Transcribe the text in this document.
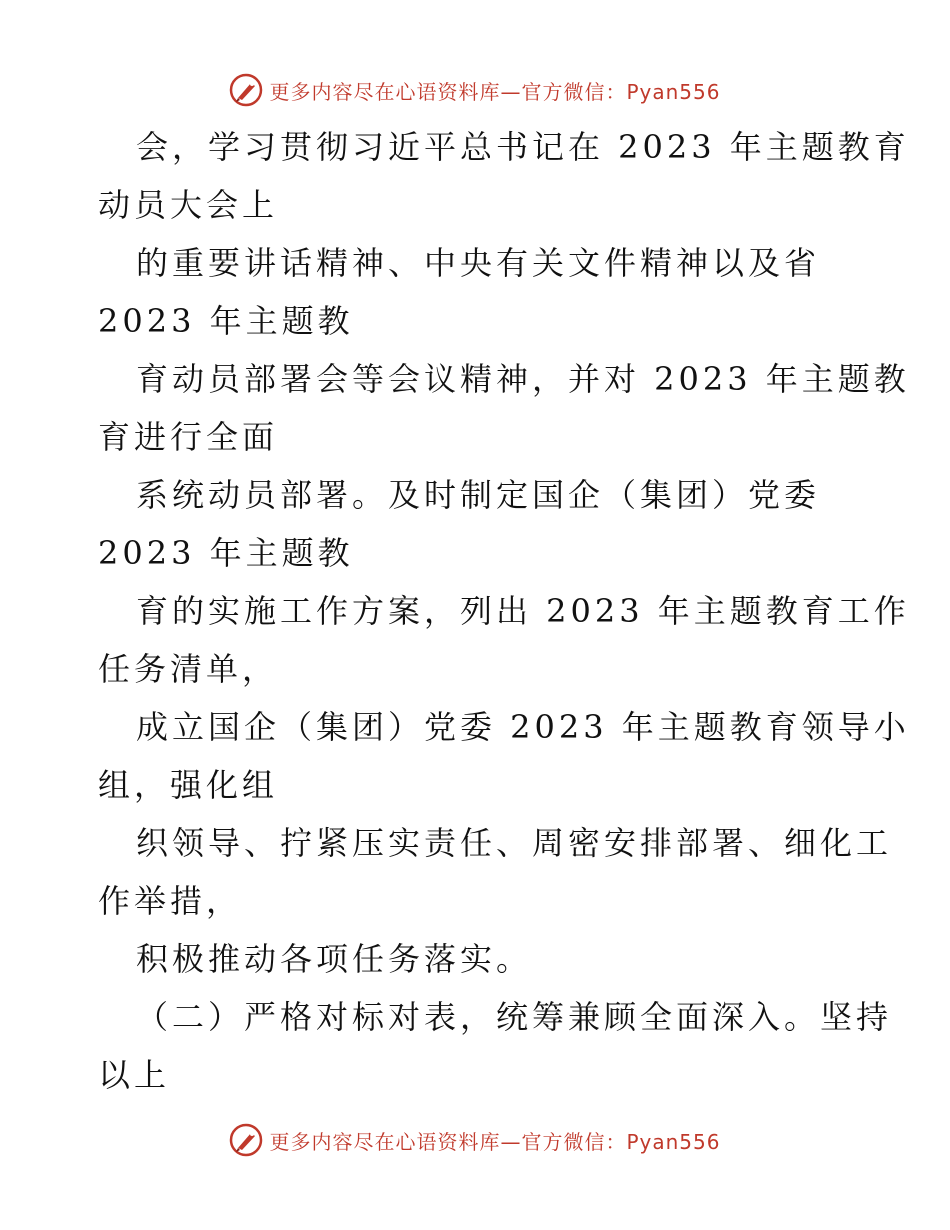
更多内容尽在心语资料库—官方微信：Pyan556
会，学习贯彻习近平总书记在 2023 年主题教育
动员大会上
的重要讲话精神、中央有关文件精神以及省
2023 年主题教
育动员部署会等会议精神，并对 2023 年主题教
育进行全面
系统动员部署。及时制定国企（集团）党委
2023 年主题教
育的实施工作方案，列出 2023 年主题教育工作
任务清单，
成立国企（集团）党委 2023 年主题教育领导小
组，强化组
织领导、拧紧压实责任、周密安排部署、细化工
作举措，
积极推动各项任务落实。
（二）严格对标对表，统筹兼顾全面深入。坚持
以上
更多内容尽在心语资料库—官方微信：Pyan556
